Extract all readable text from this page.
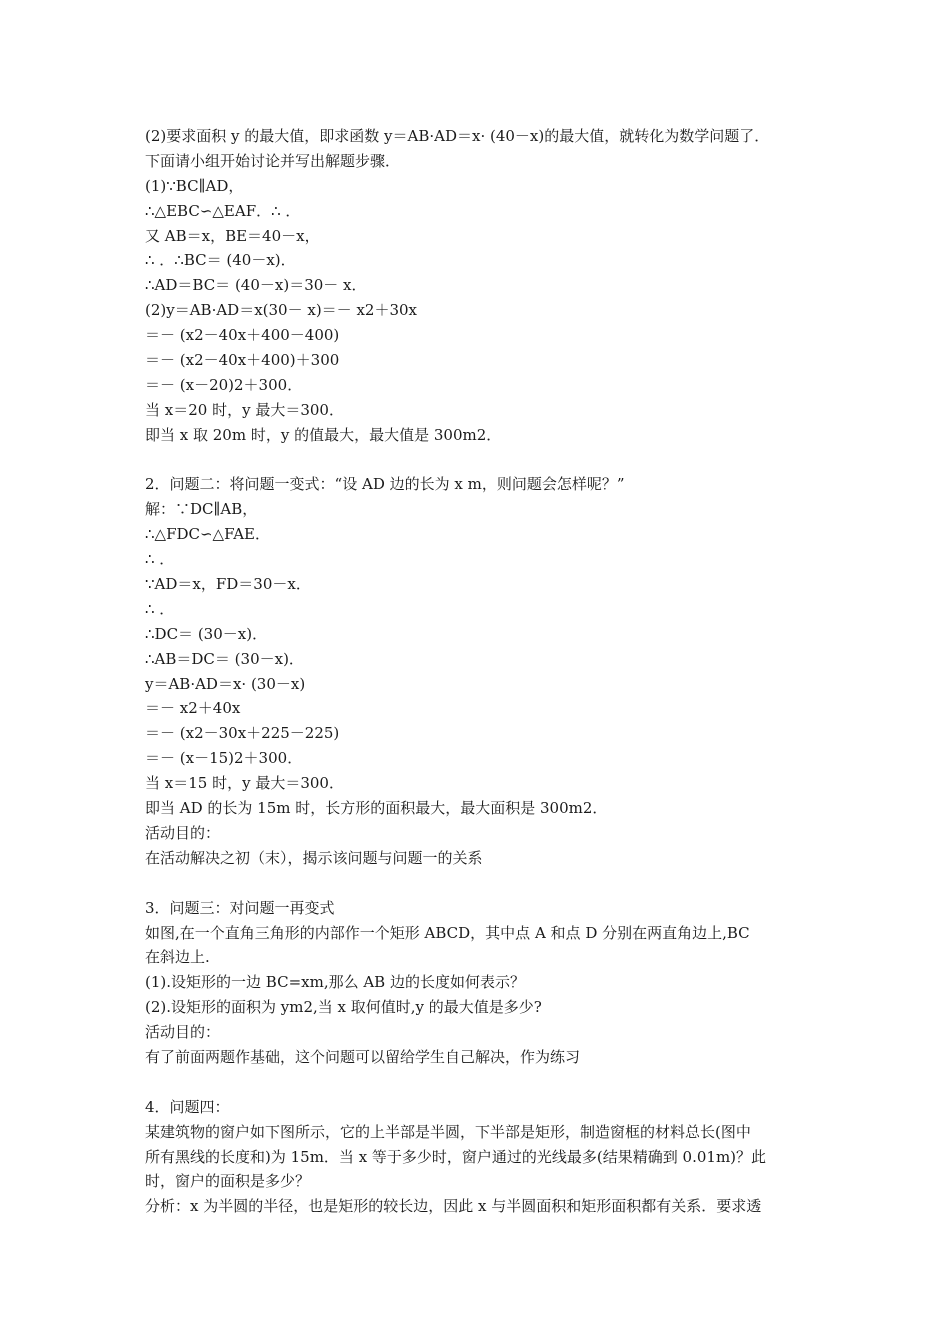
(2)要求面积 y 的最大值，即求函数 y＝AB·AD＝x· (40－x)的最大值，就转化为数学问题了．
下面请小组开始讨论并写出解题步骤．
(1)∵BC∥AD，
∴△EBC∽△EAF．∴ ．
又 AB＝x，BE＝40－x，
∴ ．∴BC＝ (40－x)．
∴AD＝BC＝ (40－x)＝30－ x．
(2)y＝AB·AD＝x(30－ x)＝－ x2＋30x
＝－ (x2－40x＋400－400)
＝－ (x2－40x＋400)＋300
＝－ (x－20)2＋300．
当 x＝20 时，y 最大＝300．
即当 x 取 20m 时，y 的值最大，最大值是 300m2．
2．问题二：将问题一变式：“设 AD 边的长为 x m，则问题会怎样呢？”
解：∵DC∥AB，
∴△FDC∽△FAE．
∴ ．
∵AD＝x，FD＝30－x．
∴ ．
∴DC＝ (30－x)．
∴AB＝DC＝ (30－x)．
y＝AB·AD＝x· (30－x)
＝－ x2＋40x
＝－ (x2－30x＋225－225)
＝－ (x－15)2＋300．
当 x＝15 时，y 最大＝300．
即当 AD 的长为 15m 时，长方形的面积最大，最大面积是 300m2．
活动目的：
在活动解决之初（末），揭示该问题与问题一的关系
3．问题三：对问题一再变式
如图,在一个直角三角形的内部作一个矩形 ABCD，其中点 A 和点 D 分别在两直角边上,BC
在斜边上.
(1).设矩形的一边 BC=xm,那么 AB 边的长度如何表示？
(2).设矩形的面积为 ym2,当 x 取何值时,y 的最大值是多少?
活动目的：
有了前面两题作基础，这个问题可以留给学生自己解决，作为练习
4．问题四：
某建筑物的窗户如下图所示，它的上半部是半圆，下半部是矩形，制造窗框的材料总长(图中
所有黑线的长度和)为 15m．当 x 等于多少时，窗户通过的光线最多(结果精确到 0.01m)？此
时，窗户的面积是多少？
分析：x 为半圆的半径，也是矩形的较长边，因此 x 与半圆面积和矩形面积都有关系．要求透
